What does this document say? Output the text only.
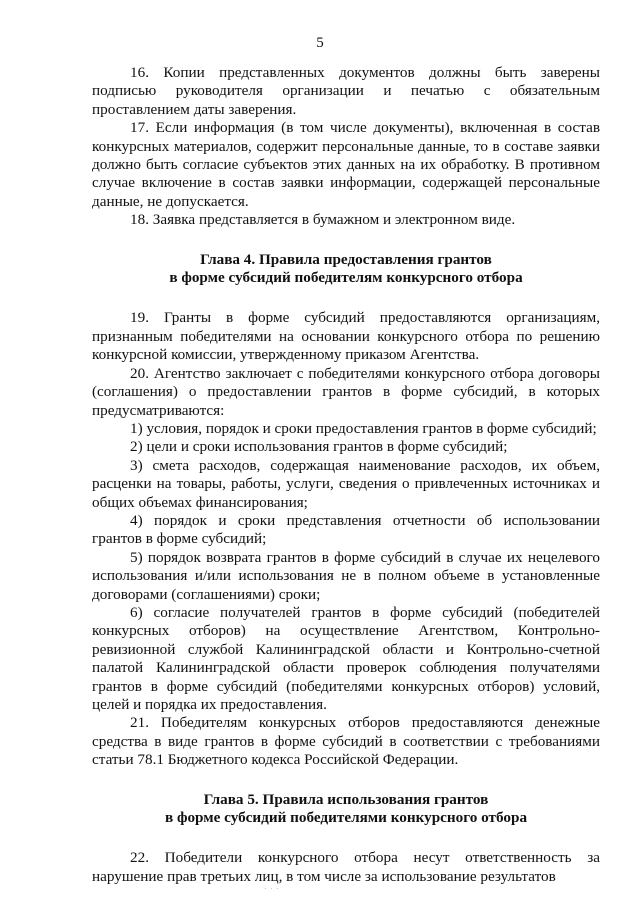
5

16. Копии представленных документов должны быть заверены подписью руководителя организации и печатью с обязательным проставлением даты заверения.

17. Если информация (в том числе документы), включенная в состав конкурсных материалов, содержит персональные данные, то в составе заявки должно быть согласие субъектов этих данных на их обработку. В противном случае включение в состав заявки информации, содержащей персональные данные, не допускается.

18. Заявка представляется в бумажном и электронном виде.

Глава 4. Правила предоставления грантов

в форме субсидий победителям конкурсного отбора

19. Гранты в форме субсидий предоставляются организациям, признанным победителями на основании конкурсного отбора по решению конкурсной комиссии, утвержденному приказом Агентства.

20. Агентство заключает с победителями конкурсного отбора договоры (соглашения) о предоставлении грантов в форме субсидий, в которых предусматриваются:

1) условия, порядок и сроки предоставления грантов в форме субсидий;

2) цели и сроки использования грантов в форме субсидий;

3) смета расходов, содержащая наименование расходов, их объем, расценки на товары, работы, услуги, сведения о привлеченных источниках и общих объемах финансирования;

4) порядок и сроки представления отчетности об использовании грантов в форме субсидий;

5) порядок возврата грантов в форме субсидий в случае их нецелевого использования и/или использования не в полном объеме в установленные договорами (соглашениями) сроки;

6) согласие получателей грантов в форме субсидий (победителей конкурсных отборов) на осуществление Агентством, Контрольно-ревизионной службой Калининградской области и Контрольно-счетной палатой Калининградской области проверок соблюдения получателями грантов в форме субсидий (победителями конкурсных отборов) условий, целей и порядка их предоставления.

21. Победителям конкурсных отборов предоставляются денежные средства в виде грантов в форме субсидий в соответствии с требованиями статьи 78.1 Бюджетного кодекса Российской Федерации.

Глава 5. Правила использования грантов

в форме субсидий победителями конкурсного отбора

22. Победители конкурсного отбора несут ответственность за нарушение прав третьих лиц, в том числе за использование результатов

· · ·
